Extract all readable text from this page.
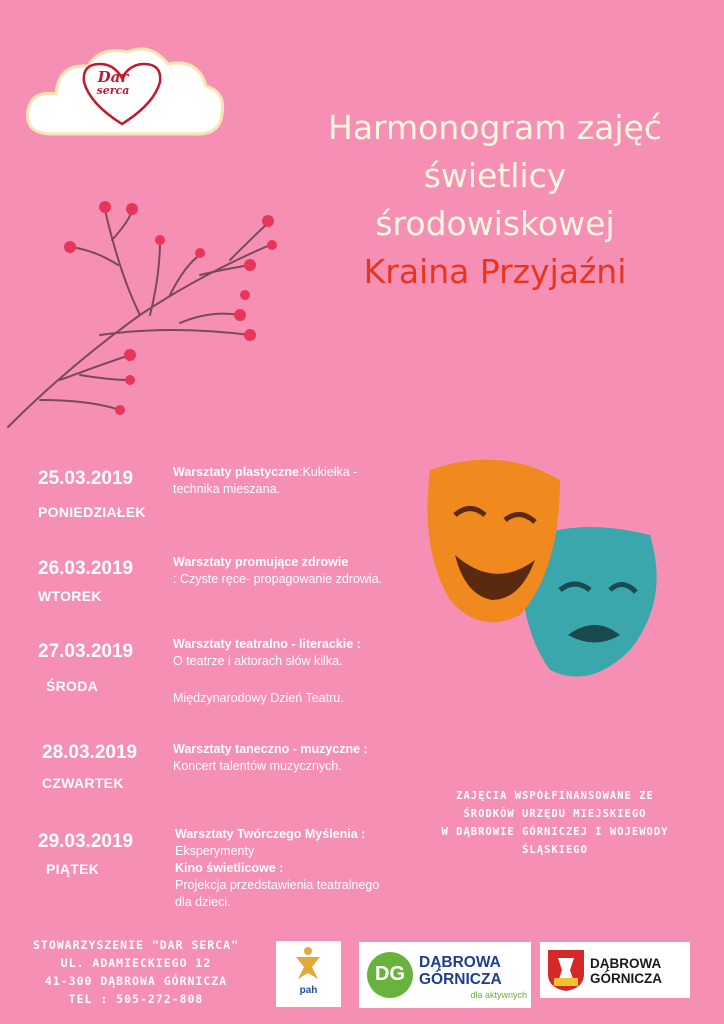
Dar
serca
Harmonogram zajęć
świetlicy
środowiskowej
Kraina Przyjaźni
25.03.2019
PONIEDZIAŁEK
Warsztaty plastyczne:Kukiełka - technika mieszana.
26.03.2019
WTOREK
Warsztaty promujące zdrowie
: Czyste ręce- propagowanie zdrowia.
27.03.2019
ŚRODA
Warsztaty teatralno - literackie :
O teatrze i aktorach słów kilka.
Międzynarodowy Dzień Teatru.
28.03.2019
CZWARTEK
Warsztaty taneczno - muzyczne : Koncert talentów muzycznych.
29.03.2019
PIĄTEK
Warsztaty Twórczego Myślenia :
Eksperymenty
Kino świetlicowe :
Projekcja przedstawienia teatralnego dla dzieci.
ZAJĘCIA WSPÓŁFINANSOWANE ZE
ŚRODKÓW URZĘDU MIEJSKIEGO
W DĄBROWIE GÓRNICZEJ I WOJEWODY
ŚLĄSKIEGO
STOWARZYSZENIE "DAR SERCA"
UL. ADAMIECKIEGO 12
41-300 DĄBROWA GÓRNICZA
TEL : 505-272-808
pah
DG
DĄBROWA
GÓRNICZA
dla aktywnych
DĄBROWA
GÓRNICZA
